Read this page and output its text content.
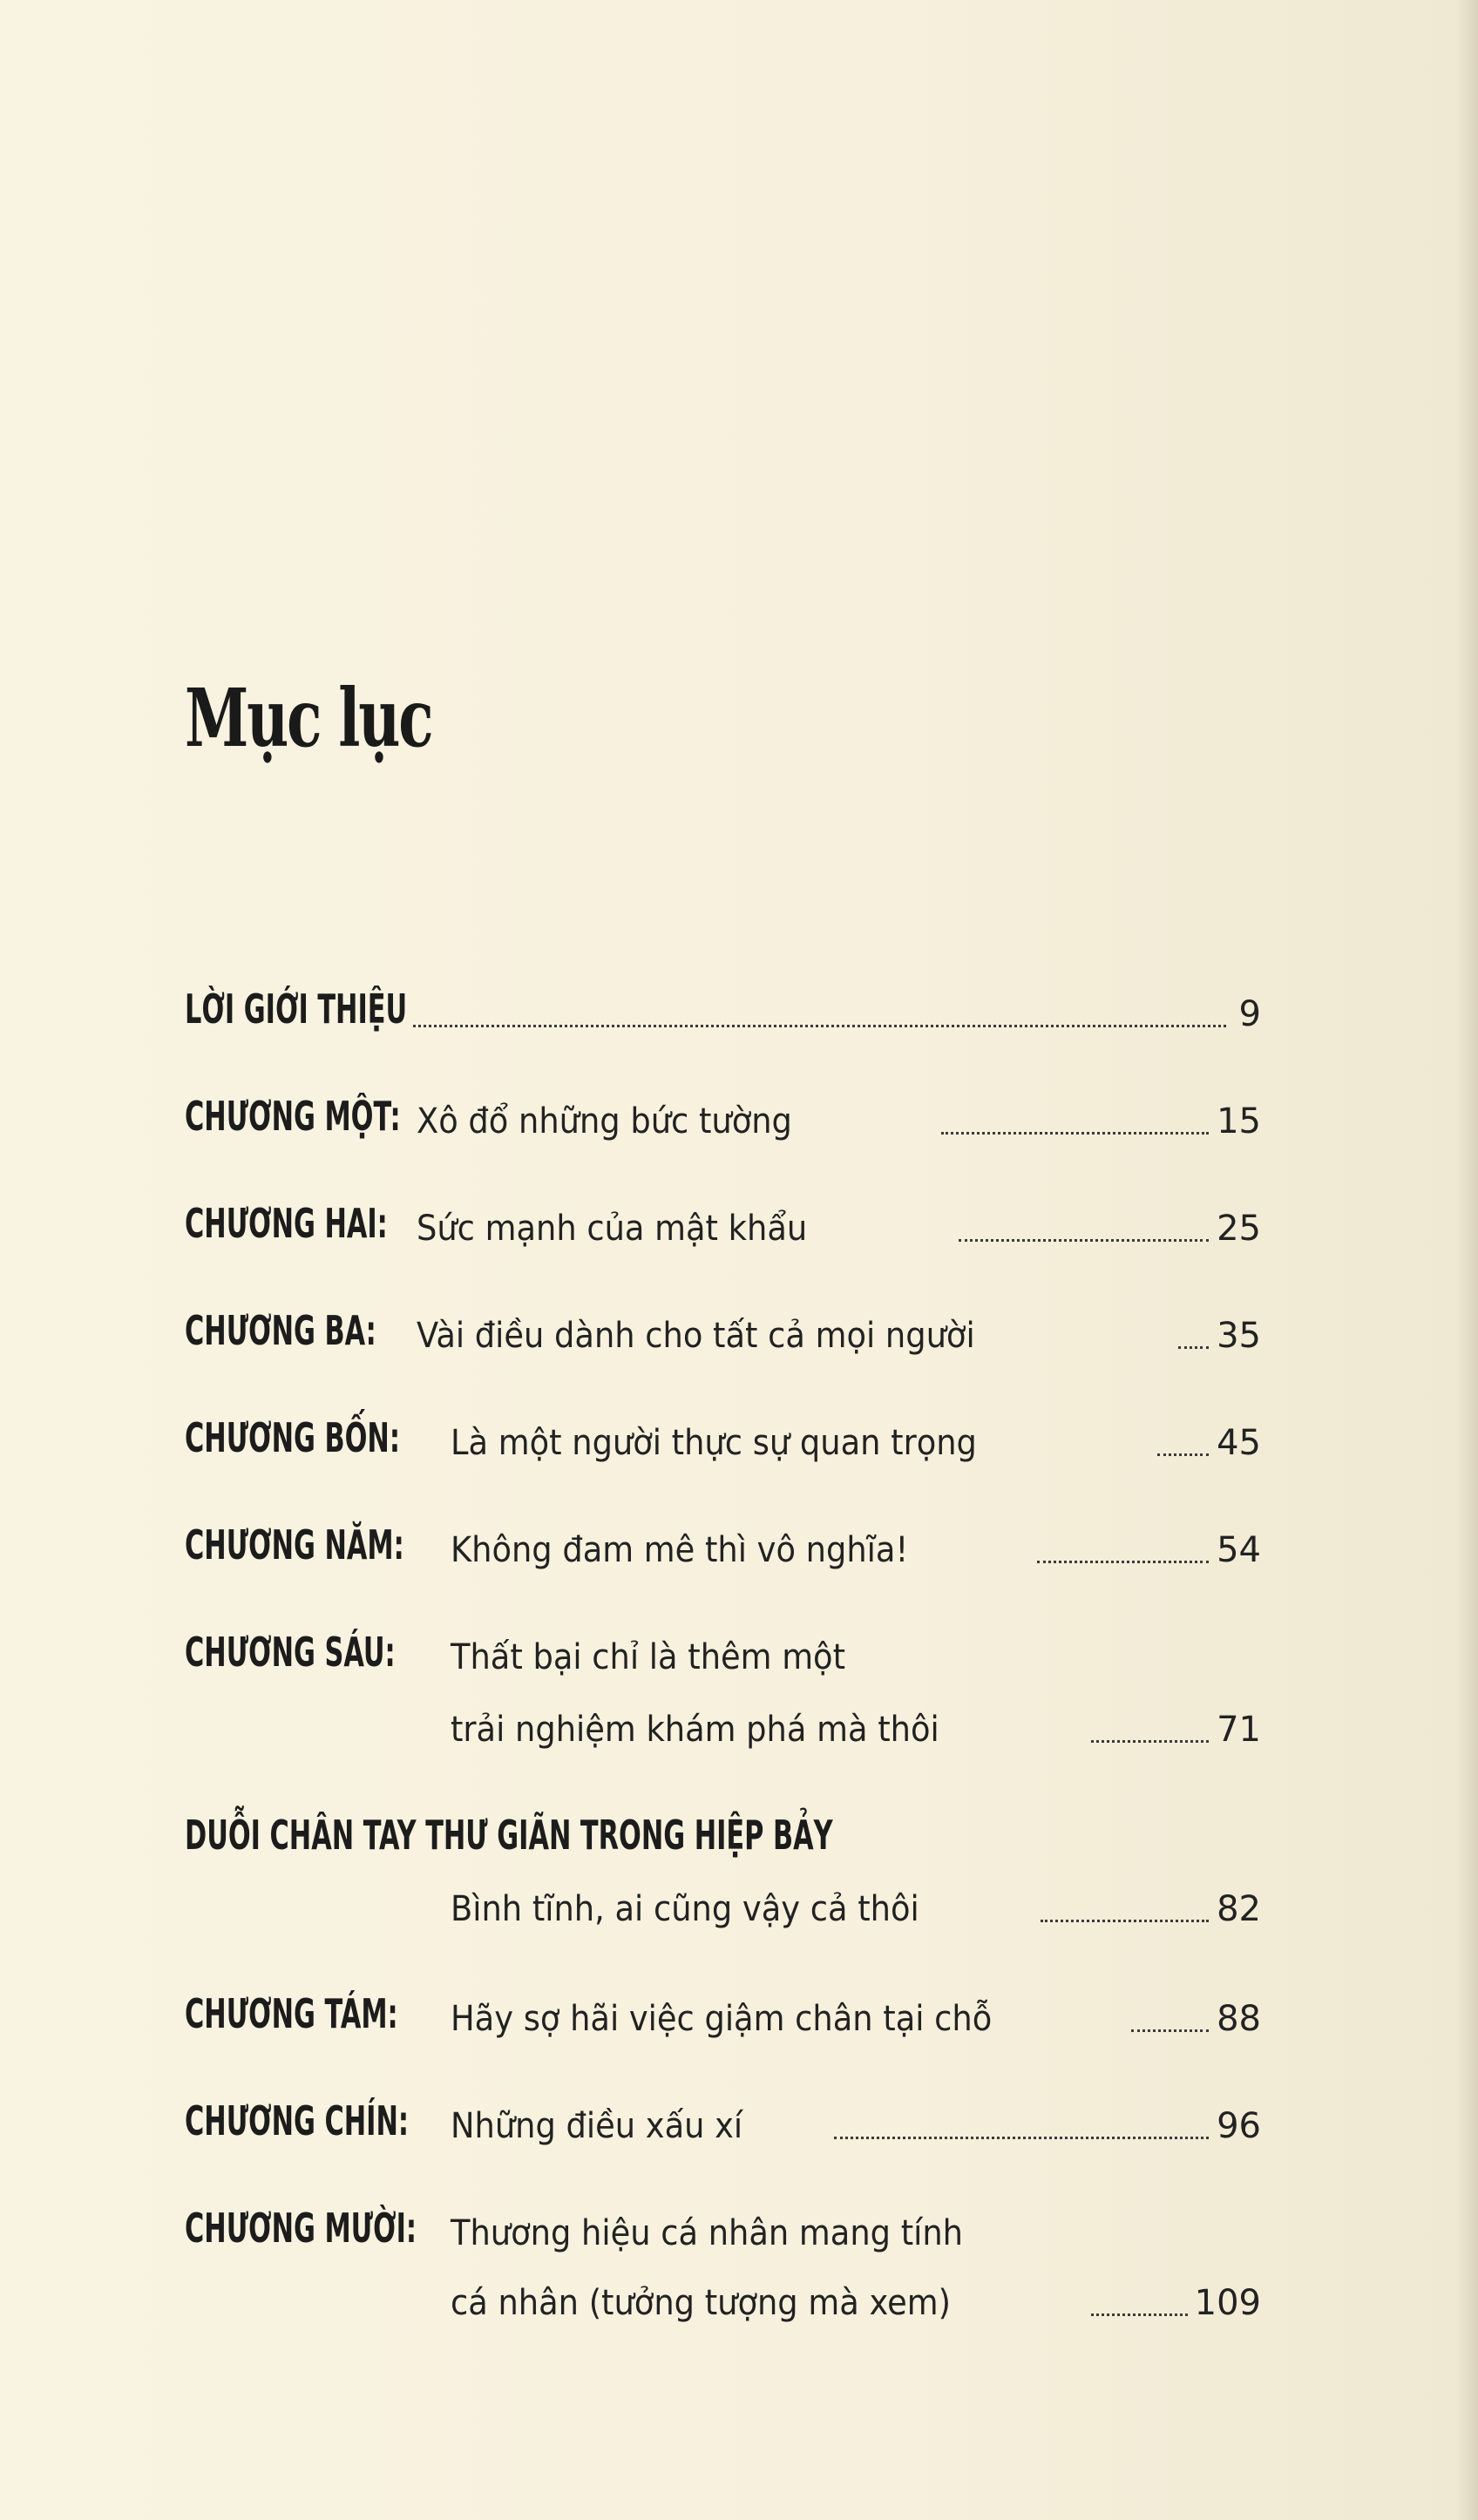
Mục lục
LỜI GIỚI THIỆU	9
CHƯƠNG MỘT: Xô đổ những bức tường	15
CHƯƠNG HAI: Sức mạnh của mật khẩu	25
CHƯƠNG BA: Vài điều dành cho tất cả mọi người	35
CHƯƠNG BỐN: Là một người thực sự quan trọng	45
CHƯƠNG NĂM: Không đam mê thì vô nghĩa!	54
CHƯƠNG SÁU: Thất bại chỉ là thêm một
trải nghiệm khám phá mà thôi	71
DUỖI CHÂN TAY THƯ GIÃN TRONG HIỆP BẢY
Bình tĩnh, ai cũng vậy cả thôi	82
CHƯƠNG TÁM: Hãy sợ hãi việc giậm chân tại chỗ	88
CHƯƠNG CHÍN: Những điều xấu xí	96
CHƯƠNG MƯỜI: Thương hiệu cá nhân mang tính
cá nhân (tưởng tượng mà xem)	109
